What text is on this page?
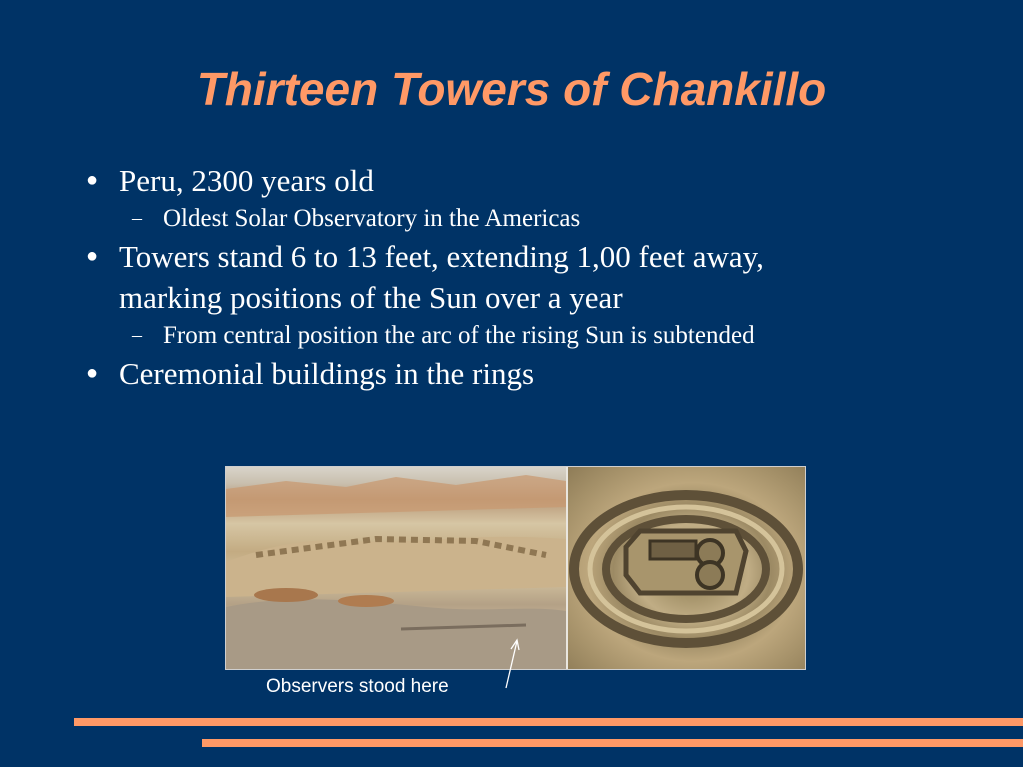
Thirteen Towers of Chankillo
● Peru, 2300 years old
– Oldest Solar Observatory in the Americas
● Towers stand 6 to 13 feet, extending 1,00 feet away, marking positions of the Sun over a year
– From central position the arc of the rising Sun is subtended
● Ceremonial buildings in the rings
Observers stood here
